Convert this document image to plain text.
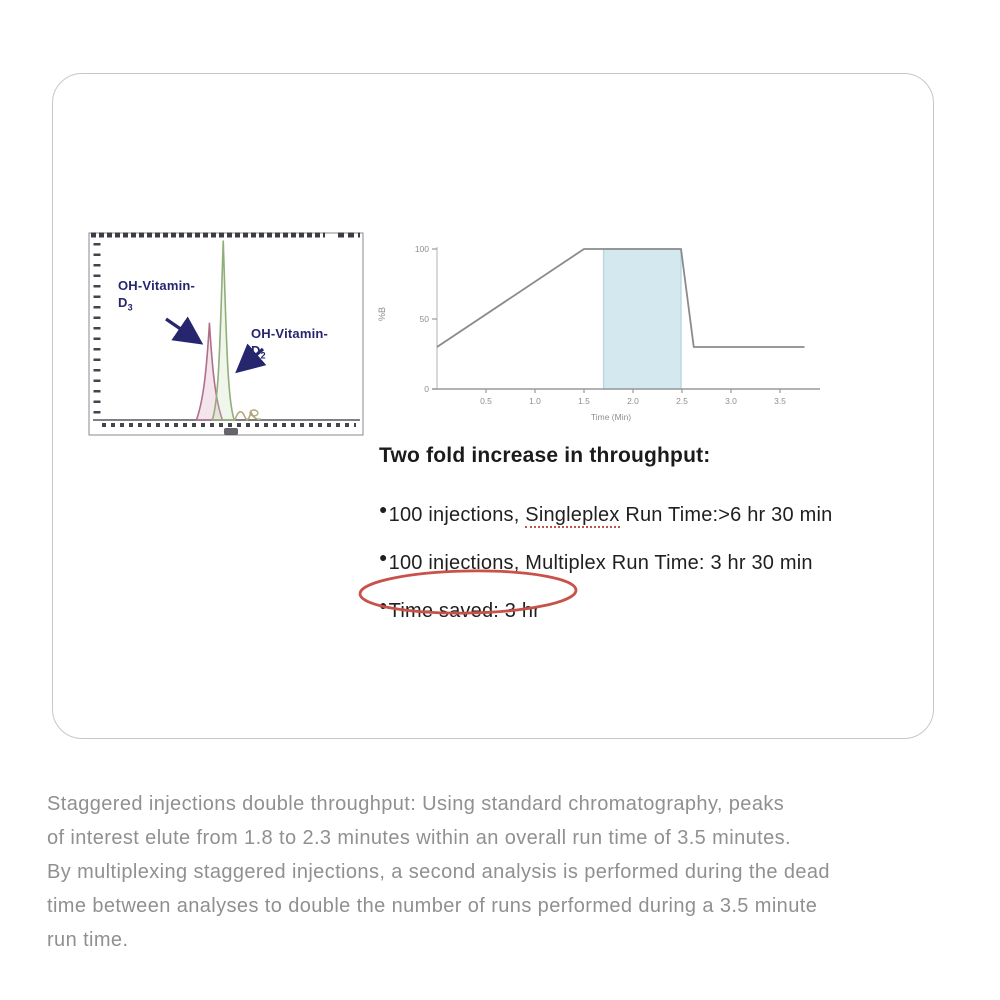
OH-Vitamin-
$D_3$
OH-Vitamin-
$D_2$
%B
100
50
0
0.5	1.0	1.5	2.0	2.5	3.0	3.5
Time (Min)
Two fold increase in throughput:
●100 injections, Singleplex Run Time:>6 hr 30 min
●100 injections, Multiplex Run Time: 3 hr 30 min
●Time saved: 3 hr
Staggered injections double throughput: Using standard chromatography, peaks
of interest elute from 1.8 to 2.3 minutes within an overall run time of 3.5 minutes.
By multiplexing staggered injections, a second analysis is performed during the dead
time between analyses to double the number of runs performed during a 3.5 minute
run time.
